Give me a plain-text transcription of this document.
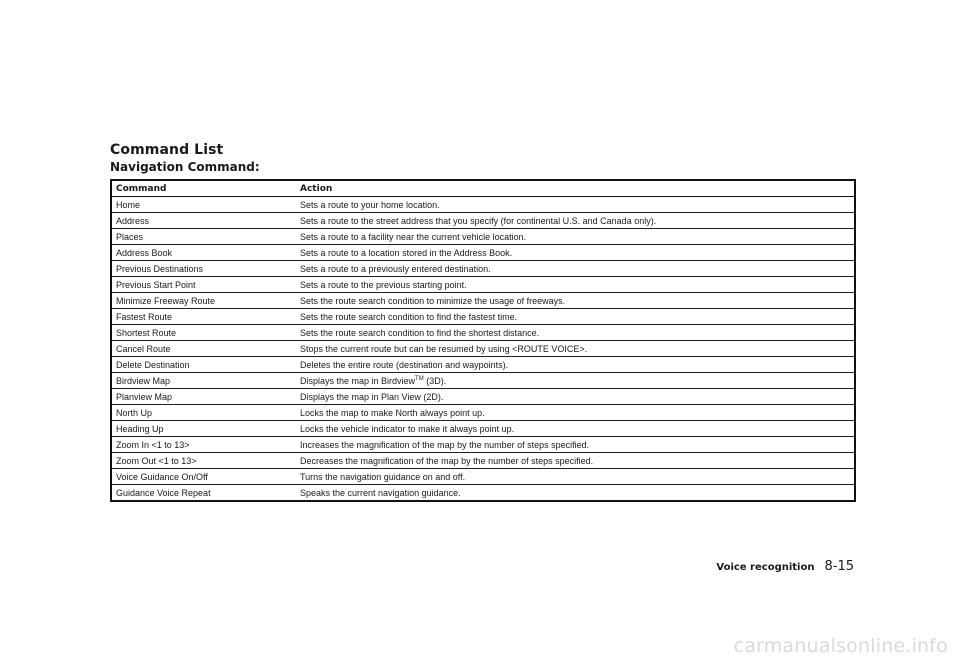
Command List
Navigation Command:
Command	Action
Home	Sets a route to your home location.
Address	Sets a route to the street address that you specify (for continental U.S. and Canada only).
Places	Sets a route to a facility near the current vehicle location.
Address Book	Sets a route to a location stored in the Address Book.
Previous Destinations	Sets a route to a previously entered destination.
Previous Start Point	Sets a route to the previous starting point.
Minimize Freeway Route	Sets the route search condition to minimize the usage of freeways.
Fastest Route	Sets the route search condition to find the fastest time.
Shortest Route	Sets the route search condition to find the shortest distance.
Cancel Route	Stops the current route but can be resumed by using <ROUTE VOICE>.
Delete Destination	Deletes the entire route (destination and waypoints).
Birdview Map	Displays the map in Birdview™ (3D).
Planview Map	Displays the map in Plan View (2D).
North Up	Locks the map to make North always point up.
Heading Up	Locks the vehicle indicator to make it always point up.
Zoom In <1 to 13>	Increases the magnification of the map by the number of steps specified.
Zoom Out <1 to 13>	Decreases the magnification of the map by the number of steps specified.
Voice Guidance On/Off	Turns the navigation guidance on and off.
Guidance Voice Repeat	Speaks the current navigation guidance.
Voice recognition 8-15
carmanualsonline.info
